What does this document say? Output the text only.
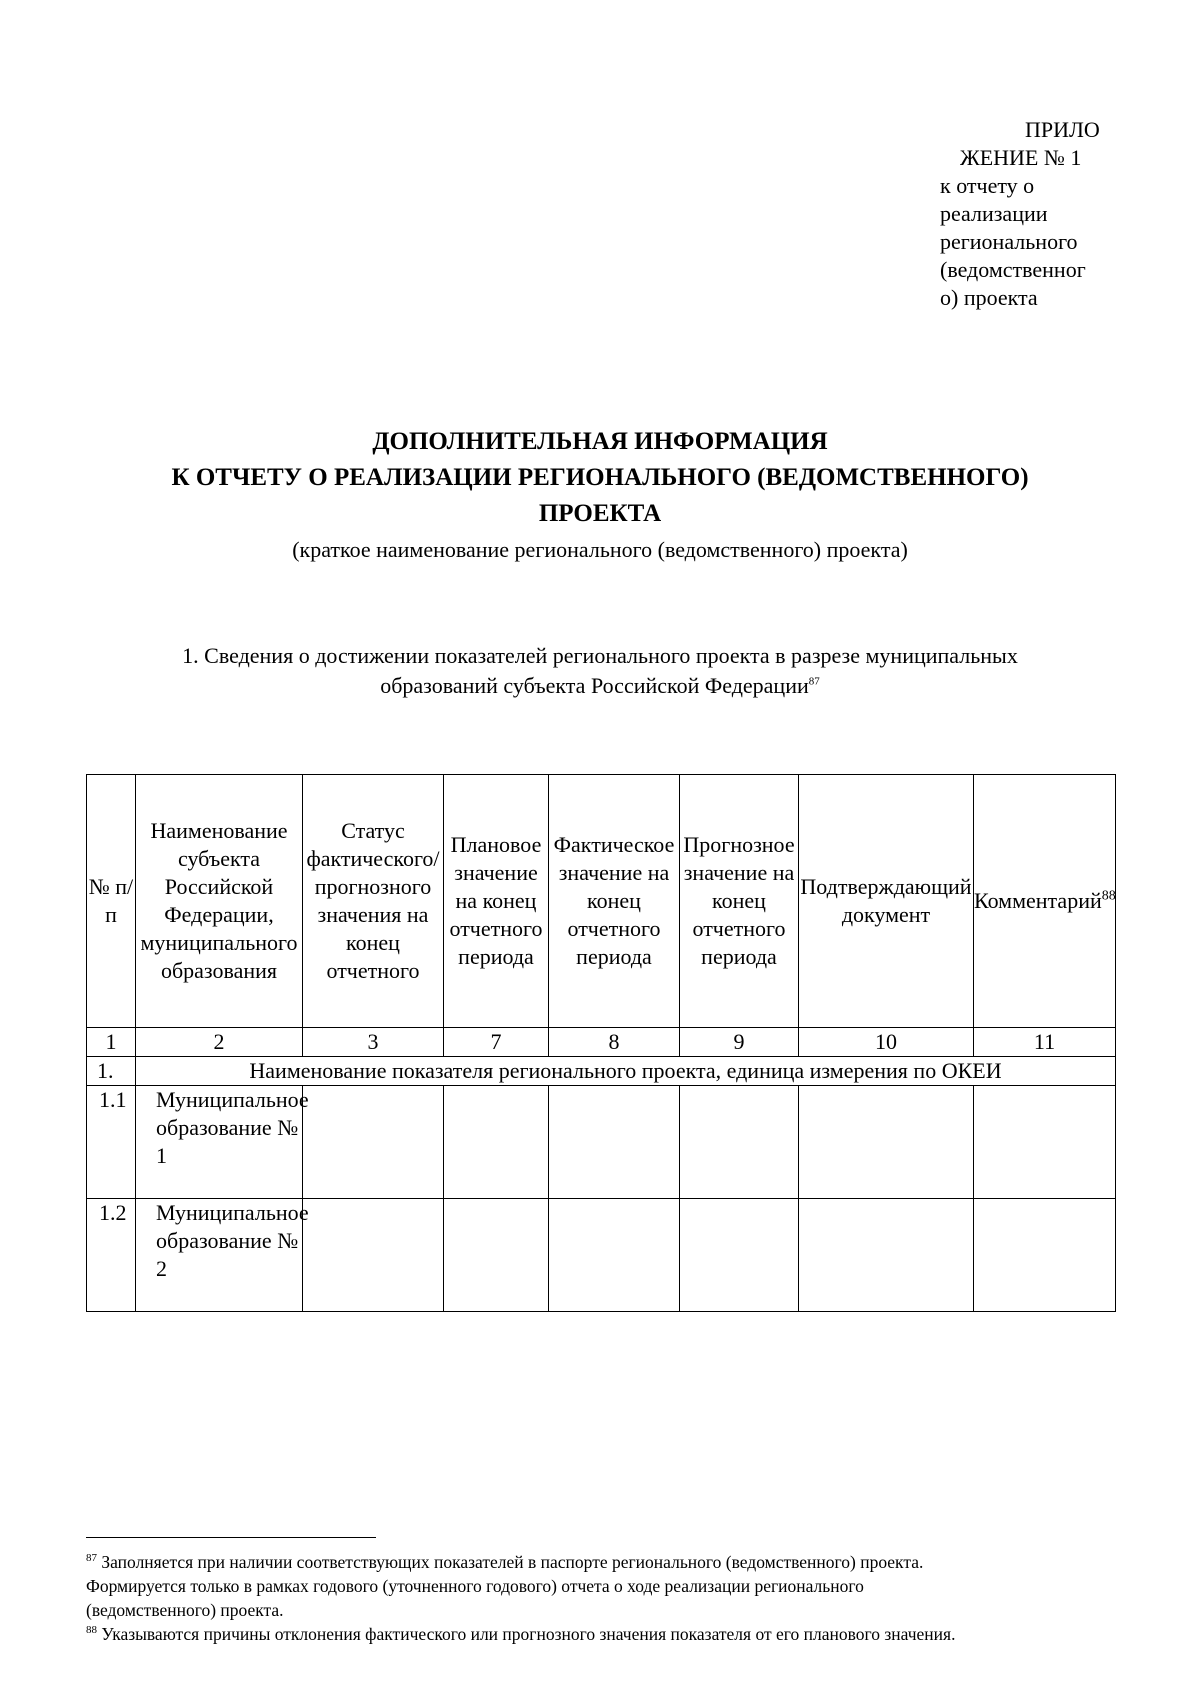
ПРИЛО
ЖЕНИЕ № 1
к отчету о
реализации
регионального
(ведомственног
о) проекта
ДОПОЛНИТЕЛЬНАЯ ИНФОРМАЦИЯ
К ОТЧЕТУ О РЕАЛИЗАЦИИ РЕГИОНАЛЬНОГО (ВЕДОМСТВЕННОГО)
ПРОЕКТА
(краткое наименование регионального (ведомственного) проекта)
1. Сведения о достижении показателей регионального проекта в разрезе муниципальных
образований субъекта Российской Федерации$^{87}$
№ п/п	Наименование субъекта Российской Федерации, муниципального образования	Статус фактического/ прогнозного значения на конец отчетного	Плановое значение на конец отчетного периода	Фактическое значение на конец отчетного периода	Прогнозное значение на конец отчетного периода	Подтверждающий документ	Комментарий$^{88}$
1	2	3	7	8	9	10	11
1.	Наименование показателя регионального проекта, единица измерения по ОКЕИ						
1.1	Муниципальное образование № 1						
1.2	Муниципальное образование № 2						

$^{87}$ Заполняется при наличии соответствующих показателей в паспорте регионального (ведомственного) проекта.

Формируется только в рамках годового (уточненного годового) отчета о ходе реализации регионального

(ведомственного) проекта.

$^{88}$ Указываются причины отклонения фактического или прогнозного значения показателя от его планового значения.
